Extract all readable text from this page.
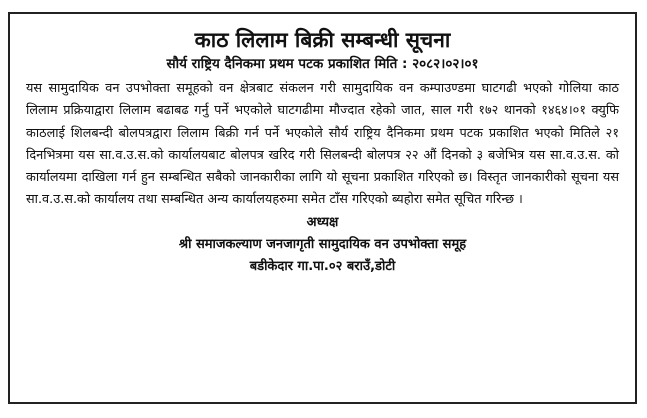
काठ लिलाम बिक्री सम्बन्धी सूचना
सौर्य राष्ट्रिय दैनिकमा प्रथम पटक प्रकाशित मिति : २०८२।०२।०१

यस सामुदायिक वन उपभोक्ता समूहको वन क्षेत्रबाट संकलन गरी सामुदायिक वन कम्पाउण्डमा घाटगढी भएको गोलिया काठ लिलाम प्रक्रियाद्वारा लिलाम बढाबढ गर्नु पर्ने भएकोले घाटगढीमा मौज्दात रहेको जात, साल गरी १७२ थानको १४६४।०१ क्युफि काठलाई शिलबन्दी बोलपत्रद्वारा लिलाम बिक्री गर्न पर्ने भएकोले सौर्य राष्ट्रिय दैनिकमा प्रथम पटक प्रकाशित भएको मितिले २१ दिनभित्रमा यस सा.व.उ.स.को कार्यालयबाट बोलपत्र खरिद गरी सिलबन्दी बोलपत्र २२ औं दिनको ३ बजेभित्र यस सा.व.उ.स. को कार्यालयमा दाखिला गर्न हुन सम्बन्धित सबैको जानकारीका लागि यो सूचना प्रकाशित गरिएको छ। विस्तृत जानकारीको सूचना यस सा.व.उ.स.को कार्यालय तथा सम्बन्धित अन्य कार्यालयहरुमा समेत टाँस गरिएको ब्यहोरा समेत सूचित गरिन्छ ।

अध्यक्ष
श्री समाजकल्याण जनजागृती सामुदायिक वन उपभोक्ता समूह
बडीकेदार गा.पा.०२ बराउँ,डोटी
